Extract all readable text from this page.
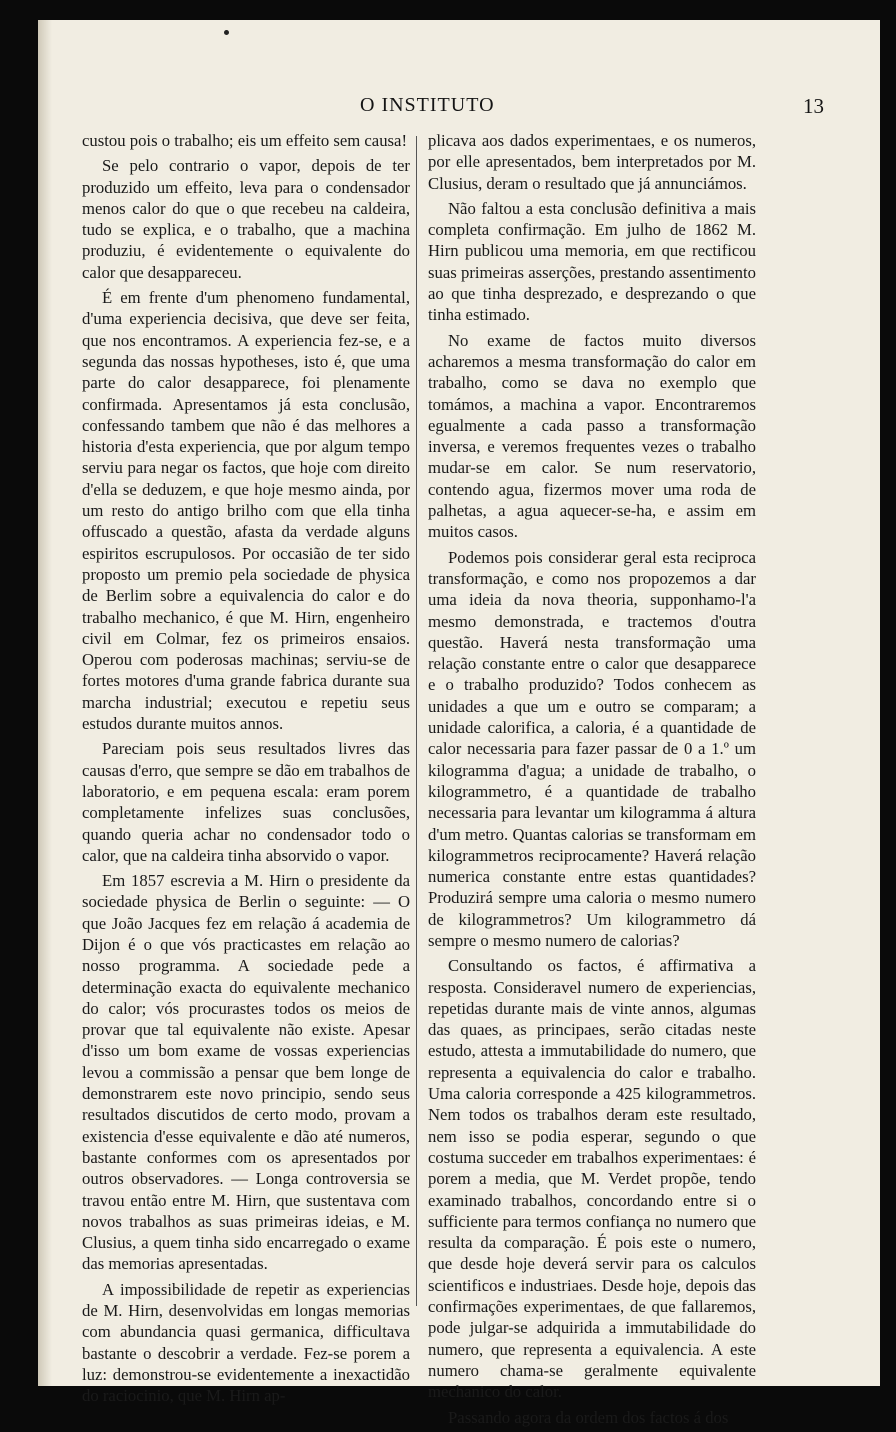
O INSTITUTO	13

custou pois o trabalho; eis um effeito sem causa!

Se pelo contrario o vapor, depois de ter produzido um effeito, leva para o condensador menos calor do que o que recebeu na caldeira, tudo se explica, e o trabalho, que a machina produziu, é evidentemente o equivalente do calor que desappareceu.

É em frente d'um phenomeno fundamental, d'uma experiencia decisiva, que deve ser feita, que nos encontramos. A experiencia fez-se, e a segunda das nossas hypotheses, isto é, que uma parte do calor desapparece, foi plenamente confirmada. Apresentamos já esta conclusão, confessando tambem que não é das melhores a historia d'esta experiencia, que por algum tempo serviu para negar os factos, que hoje com direito d'ella se deduzem, e que hoje mesmo ainda, por um resto do antigo brilho com que ella tinha offuscado a questão, afasta da verdade alguns espiritos escrupulosos. Por occasião de ter sido proposto um premio pela sociedade de physica de Berlim sobre a equivalencia do calor e do trabalho mechanico, é que M. Hirn, engenheiro civil em Colmar, fez os primeiros ensaios. Operou com poderosas machinas; serviu-se de fortes motores d'uma grande fabrica durante sua marcha industrial; executou e repetiu seus estudos durante muitos annos.

Pareciam pois seus resultados livres das causas d'erro, que sempre se dão em trabalhos de laboratorio, e em pequena escala: eram porem completamente infelizes suas conclusões, quando queria achar no condensador todo o calor, que na caldeira tinha absorvido o vapor.

Em 1857 escrevia a M. Hirn o presidente da sociedade physica de Berlin o seguinte: — O que João Jacques fez em relação á academia de Dijon é o que vós practicastes em relação ao nosso programma. A sociedade pede a determinação exacta do equivalente mechanico do calor; vós procurastes todos os meios de provar que tal equivalente não existe. Apesar d'isso um bom exame de vossas experiencias levou a commissão a pensar que bem longe de demonstrarem este novo principio, sendo seus resultados discutidos de certo modo, provam a existencia d'esse equivalente e dão até numeros, bastante conformes com os apresentados por outros observadores. — Longa controversia se travou então entre M. Hirn, que sustentava com novos trabalhos as suas primeiras ideias, e M. Clusius, a quem tinha sido encarregado o exame das memorias apresentadas.

A impossibilidade de repetir as experiencias de M. Hirn, desenvolvidas em longas memorias com abundancia quasi germanica, difficultava bastante o descobrir a verdade. Fez-se porem a luz: demonstrou-se evidentemente a inexactidão do raciocinio, que M. Hirn ap-

plicava aos dados experimentaes, e os numeros, por elle apresentados, bem interpretados por M. Clusius, deram o resultado que já annunciámos.

Não faltou a esta conclusão definitiva a mais completa confirmação. Em julho de 1862 M. Hirn publicou uma memoria, em que rectificou suas primeiras asserções, prestando assentimento ao que tinha desprezado, e desprezando o que tinha estimado.

No exame de factos muito diversos acharemos a mesma transformação do calor em trabalho, como se dava no exemplo que tomámos, a machina a vapor. Encontraremos egualmente a cada passo a transformação inversa, e veremos frequentes vezes o trabalho mudar-se em calor. Se num reservatorio, contendo agua, fizermos mover uma roda de palhetas, a agua aquecer-se-ha, e assim em muitos casos.

Podemos pois considerar geral esta reciproca transformação, e como nos propozemos a dar uma ideia da nova theoria, supponhamo-l'a mesmo demonstrada, e tractemos d'outra questão. Haverá nesta transformação uma relação constante entre o calor que desapparece e o trabalho produzido? Todos conhecem as unidades a que um e outro se comparam; a unidade calorifica, a caloria, é a quantidade de calor necessaria para fazer passar de 0 a 1.º um kilogramma d'agua; a unidade de trabalho, o kilogrammetro, é a quantidade de trabalho necessaria para levantar um kilogramma á altura d'um metro. Quantas calorias se transformam em kilogrammetros reciprocamente? Haverá relação numerica constante entre estas quantidades? Produzirá sempre uma caloria o mesmo numero de kilogrammetros? Um kilogrammetro dá sempre o mesmo numero de calorias?

Consultando os factos, é affirmativa a resposta. Consideravel numero de experiencias, repetidas durante mais de vinte annos, algumas das quaes, as principaes, serão citadas neste estudo, attesta a immutabilidade do numero, que representa a equivalencia do calor e trabalho. Uma caloria corresponde a 425 kilogrammetros. Nem todos os trabalhos deram este resultado, nem isso se podia esperar, segundo o que costuma succeder em trabalhos experimentaes: é porem a media, que M. Verdet propõe, tendo examinado trabalhos, concordando entre si o sufficiente para termos confiança no numero que resulta da comparação. É pois este o numero, que desde hoje deverá servir para os calculos scientificos e industriaes. Desde hoje, depois das confirmações experimentaes, de que fallaremos, pode julgar-se adquirida a immutabilidade do numero, que representa a equivalencia. A este numero chama-se geralmente equivalente mechanico do calor.

Passando agora da ordem dos factos á dos
